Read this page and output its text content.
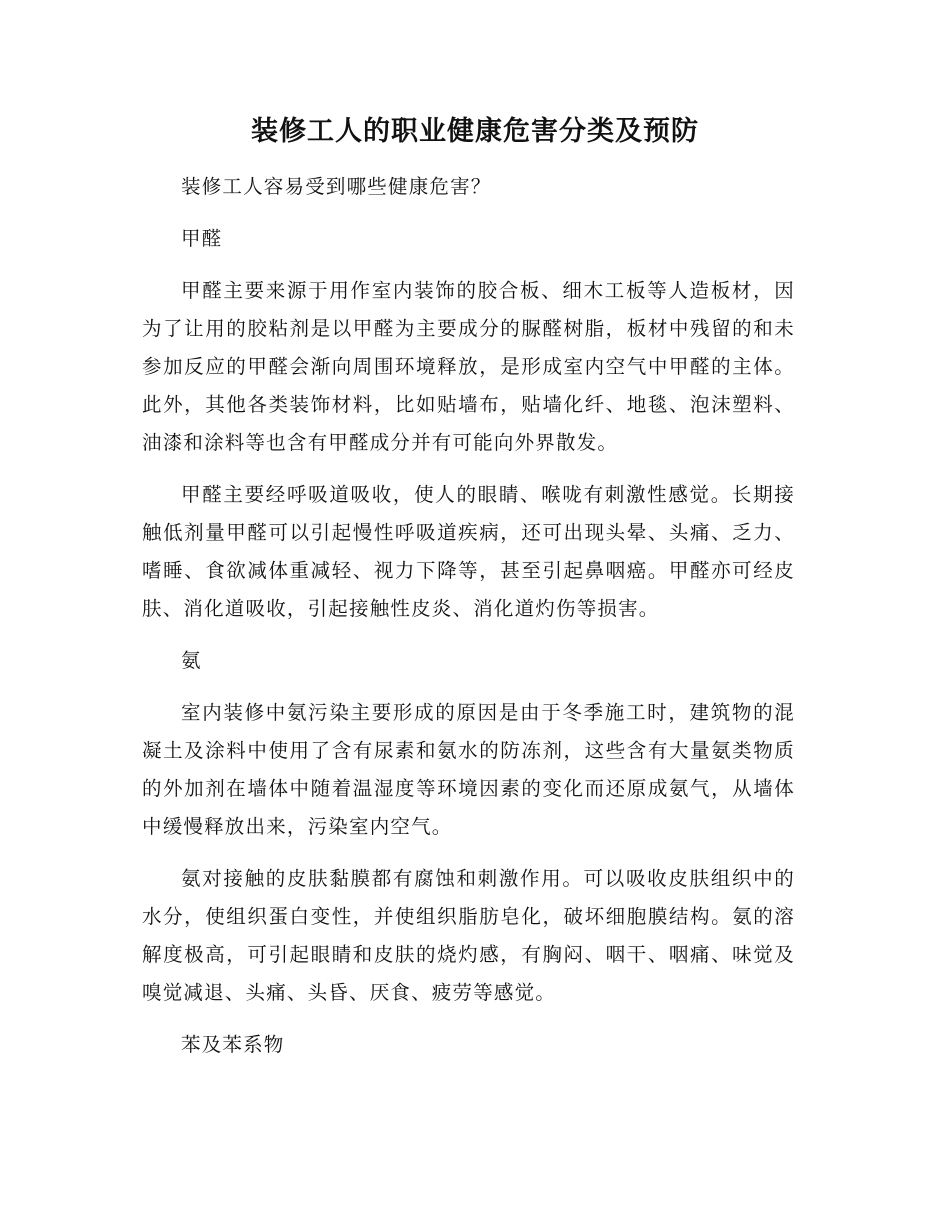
装修工人的职业健康危害分类及预防

装修工人容易受到哪些健康危害？

甲醛

甲醛主要来源于用作室内装饰的胶合板、细木工板等人造板材，因为了让用的胶粘剂是以甲醛为主要成分的脲醛树脂，板材中残留的和未参加反应的甲醛会渐向周围环境释放，是形成室内空气中甲醛的主体。此外，其他各类装饰材料，比如贴墙布，贴墙化纤、地毯、泡沫塑料、油漆和涂料等也含有甲醛成分并有可能向外界散发。

甲醛主要经呼吸道吸收，使人的眼睛、喉咙有刺激性感觉。长期接触低剂量甲醛可以引起慢性呼吸道疾病，还可出现头晕、头痛、乏力、嗜睡、食欲减体重减轻、视力下降等，甚至引起鼻咽癌。甲醛亦可经皮肤、消化道吸收，引起接触性皮炎、消化道灼伤等损害。

氨

室内装修中氨污染主要形成的原因是由于冬季施工时，建筑物的混凝土及涂料中使用了含有尿素和氨水的防冻剂，这些含有大量氨类物质的外加剂在墙体中随着温湿度等环境因素的变化而还原成氨气，从墙体中缓慢释放出来，污染室内空气。

氨对接触的皮肤黏膜都有腐蚀和刺激作用。可以吸收皮肤组织中的水分，使组织蛋白变性，并使组织脂肪皂化，破坏细胞膜结构。氨的溶解度极高，可引起眼睛和皮肤的烧灼感，有胸闷、咽干、咽痛、味觉及嗅觉减退、头痛、头昏、厌食、疲劳等感觉。

苯及苯系物
